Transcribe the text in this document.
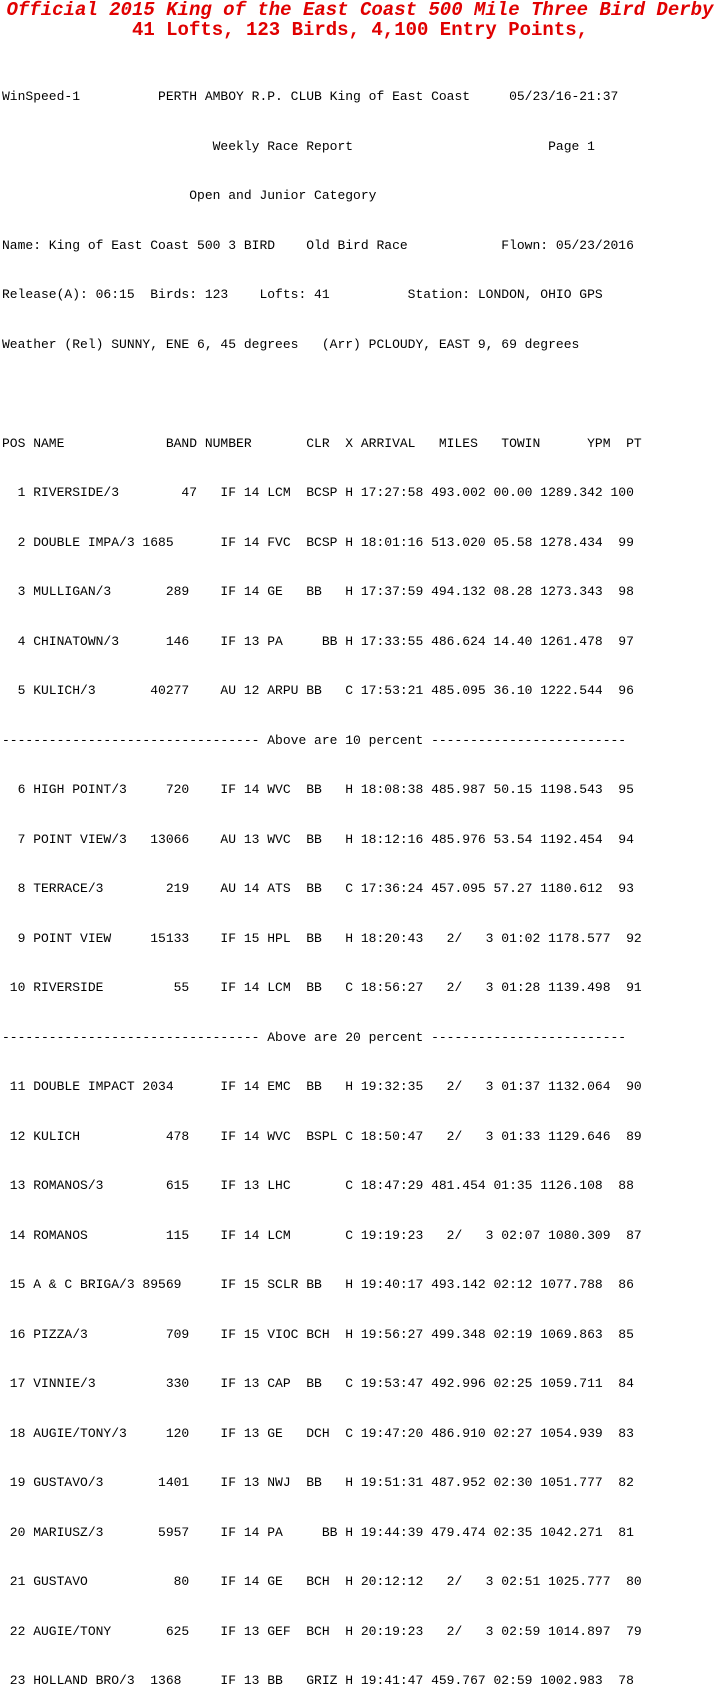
Official 2015 King of the East Coast 500 Mile Three Bird Derby
41 Lofts, 123 Birds, 4,100 Entry Points,

WinSpeed-1          PERTH AMBOY R.P. CLUB King of East Coast     05/23/16-21:37

Weekly Race Report                         Page 1

Open and Junior Category

Name: King of East Coast 500 3 BIRD    Old Bird Race            Flown: 05/23/2016

Release(A): 06:15  Birds: 123    Lofts: 41          Station: LONDON, OHIO GPS

Weather (Rel) SUNNY, ENE 6, 45 degrees   (Arr) PCLOUDY, EAST 9, 69 degrees

POS NAME             BAND NUMBER       CLR  X ARRIVAL   MILES   TOWIN      YPM  PT

1 RIVERSIDE/3        47   IF 14 LCM  BCSP H 17:27:58 493.002 00.00 1289.342 100

2 DOUBLE IMPA/3 1685      IF 14 FVC  BCSP H 18:01:16 513.020 05.58 1278.434  99

3 MULLIGAN/3       289    IF 14 GE   BB   H 17:37:59 494.132 08.28 1273.343  98

4 CHINATOWN/3      146    IF 13 PA     BB H 17:33:55 486.624 14.40 1261.478  97

5 KULICH/3       40277    AU 12 ARPU BB   C 17:53:21 485.095 36.10 1222.544  96

--------------------------------- Above are 10 percent -------------------------

6 HIGH POINT/3     720    IF 14 WVC  BB   H 18:08:38 485.987 50.15 1198.543  95

7 POINT VIEW/3   13066    AU 13 WVC  BB   H 18:12:16 485.976 53.54 1192.454  94

8 TERRACE/3        219    AU 14 ATS  BB   C 17:36:24 457.095 57.27 1180.612  93

9 POINT VIEW     15133    IF 15 HPL  BB   H 18:20:43   2/   3 01:02 1178.577  92

10 RIVERSIDE         55    IF 14 LCM  BB   C 18:56:27   2/   3 01:28 1139.498  91

--------------------------------- Above are 20 percent -------------------------

11 DOUBLE IMPACT 2034      IF 14 EMC  BB   H 19:32:35   2/   3 01:37 1132.064  90

12 KULICH           478    IF 14 WVC  BSPL C 18:50:47   2/   3 01:33 1129.646  89

13 ROMANOS/3        615    IF 13 LHC       C 18:47:29 481.454 01:35 1126.108  88

14 ROMANOS          115    IF 14 LCM       C 19:19:23   2/   3 02:07 1080.309  87

15 A & C BRIGA/3 89569     IF 15 SCLR BB   H 19:40:17 493.142 02:12 1077.788  86

16 PIZZA/3          709    IF 15 VIOC BCH  H 19:56:27 499.348 02:19 1069.863  85

17 VINNIE/3         330    IF 13 CAP  BB   C 19:53:47 492.996 02:25 1059.711  84

18 AUGIE/TONY/3     120    IF 13 GE   DCH  C 19:47:20 486.910 02:27 1054.939  83

19 GUSTAVO/3       1401    IF 13 NWJ  BB   H 19:51:31 487.952 02:30 1051.777  82

20 MARIUSZ/3       5957    IF 14 PA     BB H 19:44:39 479.474 02:35 1042.271  81

21 GUSTAVO           80    IF 14 GE   BCH  H 20:12:12   2/   3 02:51 1025.777  80

22 AUGIE/TONY       625    IF 13 GEF  BCH  H 20:19:23   2/   3 02:59 1014.897  79

23 HOLLAND BRO/3  1368     IF 13 BB   GRIZ H 19:41:47 459.767 02:59 1002.983  78
